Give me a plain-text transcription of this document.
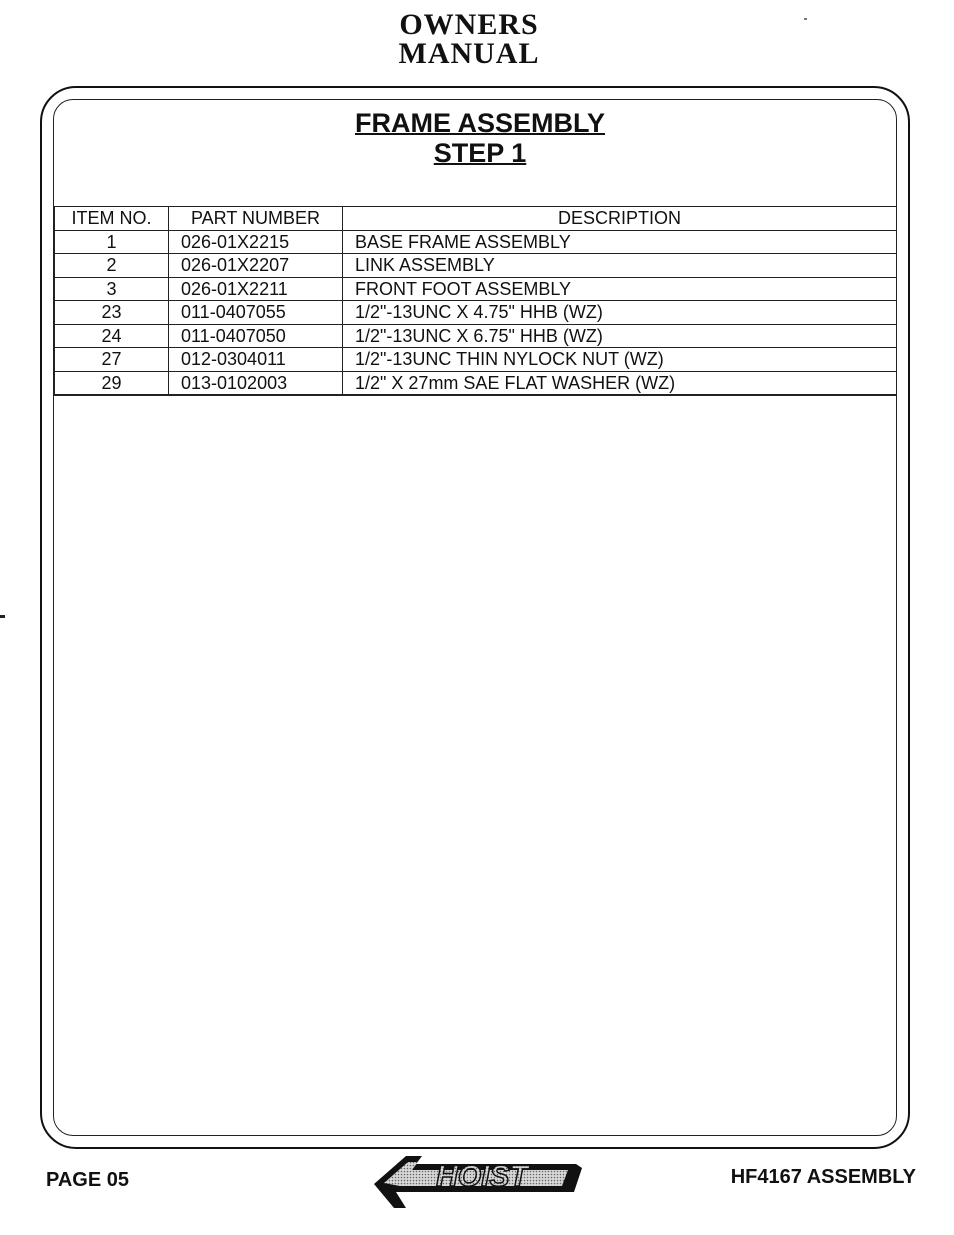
OWNERS
MANUAL
FRAME ASSEMBLY
STEP 1
ITEM NO.	PART NUMBER	DESCRIPTION
1	026-01X2215	BASE FRAME ASSEMBLY
2	026-01X2207	LINK ASSEMBLY
3	026-01X2211	FRONT FOOT ASSEMBLY
23	011-0407055	1/2"-13UNC X 4.75" HHB (WZ)
24	011-0407050	1/2"-13UNC X 6.75" HHB (WZ)
27	012-0304011	1/2"-13UNC THIN NYLOCK NUT (WZ)
29	013-0102003	1/2" X 27mm SAE FLAT WASHER (WZ)
PAGE 05	HOIST	HF4167 ASSEMBLY
